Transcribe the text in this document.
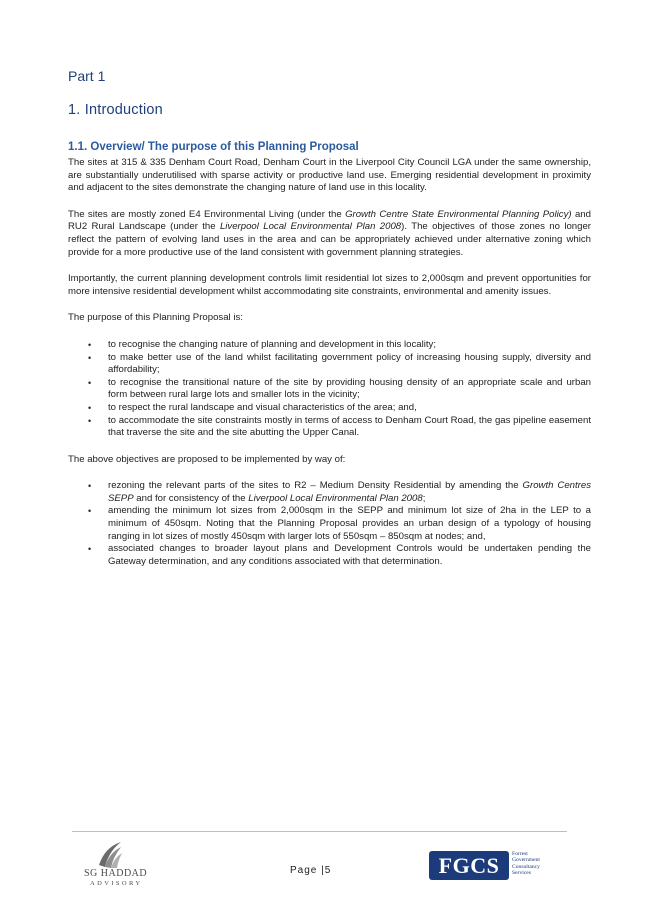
Part 1
1. Introduction
1.1. Overview/ The purpose of this Planning Proposal

The sites at 315 & 335 Denham Court Road, Denham Court in the Liverpool City Council LGA under the same ownership, are substantially underutilised with sparse activity or productive land use. Emerging residential development in proximity and adjacent to the sites demonstrate the changing nature of land use in this locality.

The sites are mostly zoned E4 Environmental Living (under the Growth Centre State Environmental Planning Policy) and RU2 Rural Landscape (under the Liverpool Local Environmental Plan 2008). The objectives of those zones no longer reflect the pattern of evolving land uses in the area and can be appropriately achieved under alternative zoning which provide for a more productive use of the land consistent with government planning strategies.

Importantly, the current planning development controls limit residential lot sizes to 2,000sqm and prevent opportunities for more intensive residential development whilst accommodating site constraints, environmental and amenity issues.

The purpose of this Planning Proposal is:

• to recognise the changing nature of planning and development in this locality;
• to make better use of the land whilst facilitating government policy of increasing housing supply, diversity and affordability;
• to recognise the transitional nature of the site by providing housing density of an appropriate scale and urban form between rural large lots and smaller lots in the vicinity;
• to respect the rural landscape and visual characteristics of the area; and,
• to accommodate the site constraints mostly in terms of access to Denham Court Road, the gas pipeline easement that traverse the site and the site abutting the Upper Canal.

The above objectives are proposed to be implemented by way of:

• rezoning the relevant parts of the sites to R2 – Medium Density Residential by amending the Growth Centres SEPP and for consistency of the Liverpool Local Environmental Plan 2008;
• amending the minimum lot sizes from 2,000sqm in the SEPP and minimum lot size of 2ha in the LEP to a minimum of 450sqm. Noting that the Planning Proposal provides an urban design of a typology of housing ranging in lot sizes of mostly 450sqm with larger lots of 550sqm – 850sqm at nodes; and,
• associated changes to broader layout plans and Development Controls would be undertaken pending the Gateway determination, and any conditions associated with that determination.
SG HADDAD
ADVISORY
Page |5	FGCS Forrest
Government
Consultancy
Services
